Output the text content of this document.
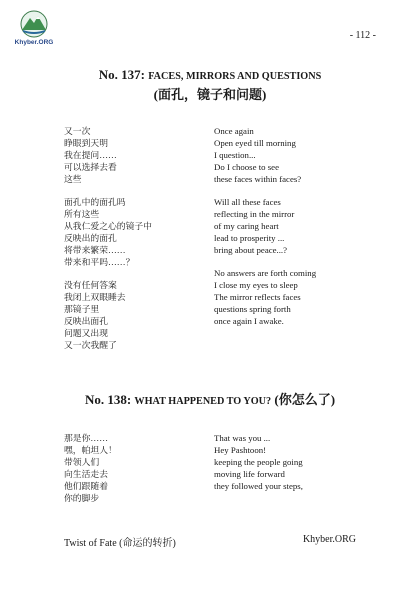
Khyber.ORG
- 112 -
No. 137: FACES, MIRRORS AND QUESTIONS
(面孔，镜子和问题)
又一次
睁眼到天明
我在提问……
可以选择去看
这些
面孔中的面孔吗
所有这些
从我仁爱之心的镜子中
反映出的面孔
将带来繁荣……
带来和平吗……？
没有任何答案
我闭上双眼睡去
那镜子里
反映出面孔
问题又出现
又一次我醒了
Once again
Open eyed till morning
I question...
Do I choose to see
these faces within faces?
Will all these faces
reflecting in the mirror
of my caring heart
lead to prosperity ...
bring about peace...?
No answers are forth coming
I close my eyes to sleep
The mirror reflects faces
questions spring forth
once again I awake.
No. 138: WHAT HAPPENED TO YOU? (你怎么了)
那是你……
嘿，帕坦人！
带领人们
向生活走去
他们跟随着
你的脚步
That was you ...
Hey Pashtoon!
keeping the people going
moving life forward
they followed your steps,
Twist of Fate (命运的转折)	Khyber.ORG
